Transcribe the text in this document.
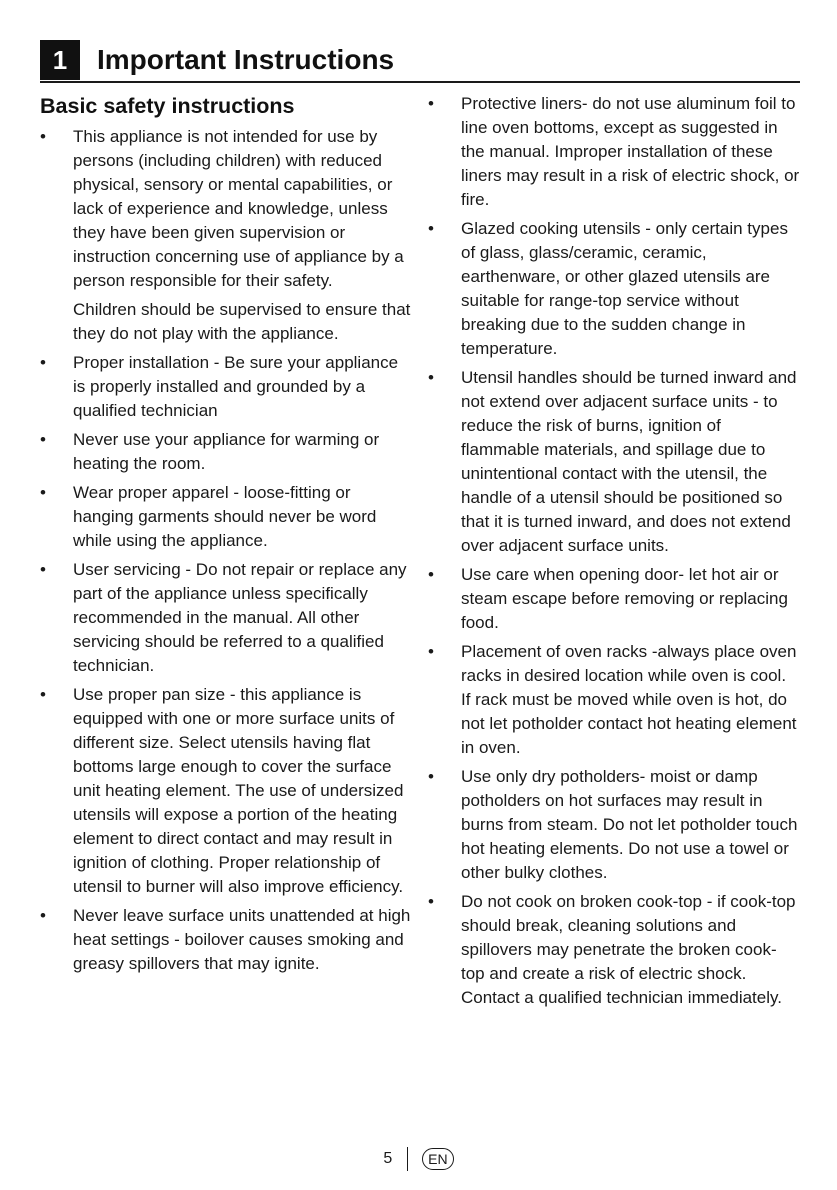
1	Important Instructions
Basic safety instructions
•	This appliance is not intended for use by persons (including children) with reduced physical, sensory or mental capabilities, or lack of experience and knowledge, unless they have been given supervision or instruction concerning use of appliance by a person responsible for their safety.
Children should be supervised to ensure that they do not play with the appliance.
•	Proper installation - Be sure your appliance is properly installed and grounded by a qualified technician
•	Never use your appliance for warming or heating the room.
•	Wear proper apparel - loose-fitting or hanging garments should never be word while using the appliance.
•	User servicing - Do not repair or replace any part of the appliance unless specifically recommended in the manual. All other servicing should be referred to a qualified technician.
•	Use proper pan size - this appliance is equipped with one or more surface units of different size. Select utensils having flat bottoms large enough to cover the surface unit heating element. The use of undersized utensils will expose a portion of the heating element to direct contact and may result in ignition of clothing. Proper relationship of utensil to burner will also improve efficiency.
•	Never leave surface units unattended at high heat settings - boilover causes smoking and greasy spillovers that may ignite.
•	Protective liners- do not use aluminum foil to line oven bottoms, except as suggested in the manual. Improper installation of these liners may result in a risk of electric shock, or fire.
•	Glazed cooking utensils - only certain types of glass, glass/ceramic, ceramic, earthenware, or other glazed utensils are suitable for range-top service without breaking due to the sudden change in temperature.
•	Utensil handles should be turned inward and not extend over adjacent surface units - to reduce the risk of burns, ignition of flammable materials, and spillage due to unintentional contact with the utensil, the handle of a utensil should be positioned so that it is turned inward, and does not extend over adjacent surface units.
•	Use care when opening door- let hot air or steam escape before removing or replacing food.
•	Placement of oven racks -always place oven racks in desired location while oven is cool. If rack must be moved while oven is hot, do not let potholder contact hot heating element in oven.
•	Use only dry potholders- moist or damp potholders on hot surfaces may result in burns from steam. Do not let potholder touch hot heating elements. Do not use a towel or other bulky clothes.
•	Do not cook on broken cook-top - if cook-top should break, cleaning solutions and spillovers may penetrate the broken cook-top and create a risk of electric shock. Contact a qualified technician immediately.
5	EN
